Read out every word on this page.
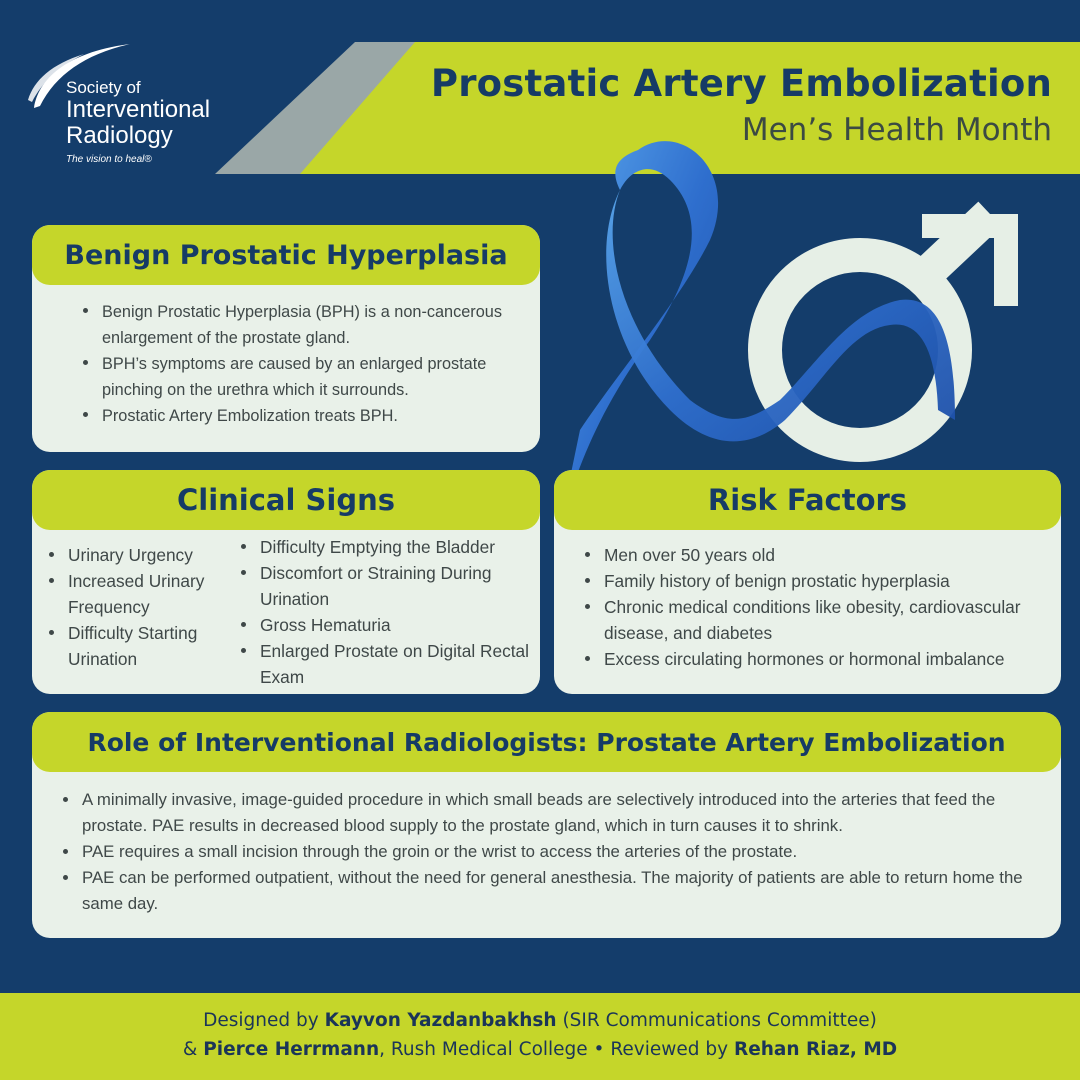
Prostatic Artery Embolization
Men’s Health Month
Society of
Interventional
Radiology
The vision to heal®
Benign Prostatic Hyperplasia
Benign Prostatic Hyperplasia (BPH) is a non-cancerous enlargement of the prostate gland.
BPH’s symptoms are caused by an enlarged prostate pinching on the urethra which it surrounds.
Prostatic Artery Embolization treats BPH.
Clinical Signs
Urinary Urgency
Increased Urinary Frequency
Difficulty Starting Urination
Difficulty Emptying the Bladder
Discomfort or Straining During Urination
Gross Hematuria
Enlarged Prostate on Digital Rectal Exam
Risk Factors
Men over 50 years old
Family history of benign prostatic hyperplasia
Chronic medical conditions like obesity, cardiovascular disease, and diabetes
Excess circulating hormones or hormonal imbalance
Role of Interventional Radiologists: Prostate Artery Embolization
A minimally invasive, image-guided procedure in which small beads are selectively introduced into the arteries that feed the prostate. PAE results in decreased blood supply to the prostate gland, which in turn causes it to shrink.
PAE requires a small incision through the groin or the wrist to access the arteries of the prostate.
PAE can be performed outpatient, without the need for general anesthesia. The majority of patients are able to return home the same day.
Designed by Kayvon Yazdanbakhsh (SIR Communications Committee)
& Pierce Herrmann, Rush Medical College • Reviewed by Rehan Riaz, MD
